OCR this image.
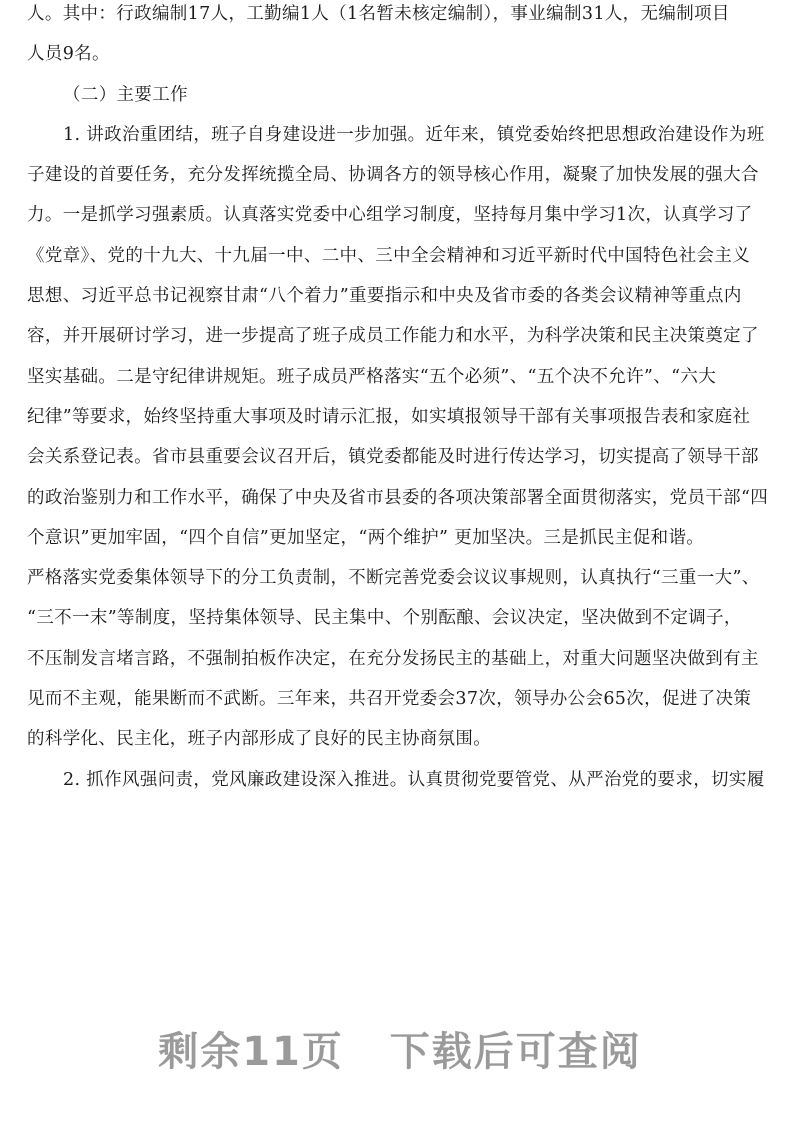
人。其中：行政编制17人，工勤编1人（1名暂未核定编制），事业编制31人，无编制项目
人员9名。
（二）主要工作
1. 讲政治重团结，班子自身建设进一步加强。近年来，镇党委始终把思想政治建设作为班
子建设的首要任务，充分发挥统揽全局、协调各方的领导核心作用，凝聚了加快发展的强大合
力。一是抓学习强素质。认真落实党委中心组学习制度，坚持每月集中学习1次，认真学习了
《党章》、党的十九大、十九届一中、二中、三中全会精神和习近平新时代中国特色社会主义
思想、习近平总书记视察甘肃“八个着力”重要指示和中央及省市委的各类会议精神等重点内
容，并开展研讨学习，进一步提高了班子成员工作能力和水平，为科学决策和民主决策奠定了
坚实基础。二是守纪律讲规矩。班子成员严格落实“五个必须”、“五个决不允许”、“六大
纪律”等要求，始终坚持重大事项及时请示汇报，如实填报领导干部有关事项报告表和家庭社
会关系登记表。省市县重要会议召开后，镇党委都能及时进行传达学习，切实提高了领导干部
的政治鉴别力和工作水平，确保了中央及省市县委的各项决策部署全面贯彻落实，党员干部“四
个意识”更加牢固，“四个自信”更加坚定，“两个维护” 更加坚决。三是抓民主促和谐。
严格落实党委集体领导下的分工负责制，不断完善党委会议议事规则，认真执行“三重一大”、
“三不一末”等制度，坚持集体领导、民主集中、个别酝酿、会议决定，坚决做到不定调子，
不压制发言堵言路，不强制拍板作决定，在充分发扬民主的基础上，对重大问题坚决做到有主
见而不主观，能果断而不武断。三年来，共召开党委会37次，领导办公会65次，促进了决策
的科学化、民主化，班子内部形成了良好的民主协商氛围。
2. 抓作风强问责，党风廉政建设深入推进。认真贯彻党要管党、从严治党的要求，切实履
剩余11页 下载后可查阅
